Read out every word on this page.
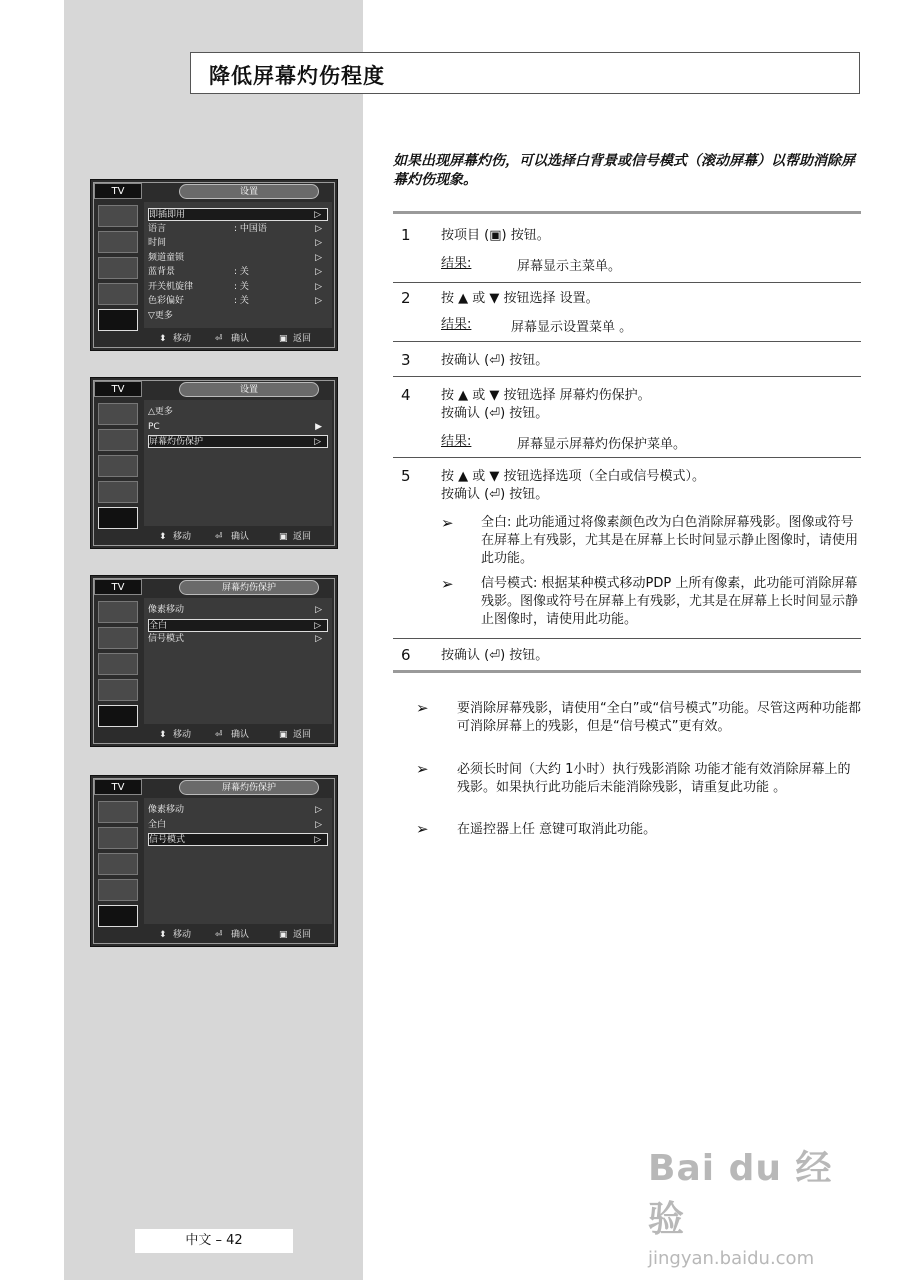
降低屏幕灼伤程度
如果出现屏幕灼伤，可以选择白背景或信号模式（滚动屏幕）以帮助消除屏幕灼伤现象。
TV	设置
即插即用	▷
语言	: 中国语	▷
时间	▷
频道童锁	▷
蓝背景	: 关	▷
开关机旋律	: 关	▷
色彩偏好	: 关	▷
▽更多
⬍ 移动	⏎ 确认	▣ 返回
TV	设置
△更多
PC	▶
屏幕灼伤保护	▷
⬍ 移动	⏎ 确认	▣ 返回
TV	屏幕灼伤保护
像素移动	▷
全白	▷
信号模式	▷
⬍ 移动	⏎ 确认	▣ 返回
TV	屏幕灼伤保护
像素移动	▷
全白	▷
信号模式	▷
⬍ 移动	⏎ 确认	▣ 返回
1 按项目 (▣) 按钮。
结果:	屏幕显示主菜单。
2 按 ▲ 或 ▼ 按钮选择 设置。
结果:	屏幕显示设置菜单 。
3 按确认 (⏎) 按钮。
4 按 ▲ 或 ▼ 按钮选择 屏幕灼伤保护。
按确认 (⏎) 按钮。
结果:	屏幕显示屏幕灼伤保护菜单。
5 按 ▲ 或 ▼ 按钮选择选项（全白或信号模式）。
按确认 (⏎) 按钮。
➢ 全白: 此功能通过将像素颜色改为白色消除屏幕残影。图像或符号在屏幕上有残影，尤其是在屏幕上长时间显示静止图像时，请使用此功能。
➢ 信号模式: 根据某种模式移动PDP 上所有像素，此功能可消除屏幕残影。图像或符号在屏幕上有残影，尤其是在屏幕上长时间显示静止图像时，请使用此功能。
6 按确认 (⏎) 按钮。
➢ 要消除屏幕残影，请使用“全白”或“信号模式”功能。尽管这两种功能都可消除屏幕上的残影，但是“信号模式”更有效。
➢ 必须长时间（大约 1小时）执行残影消除 功能才能有效消除屏幕上的残影。如果执行此功能后未能消除残影，请重复此功能 。
➢ 在遥控器上任 意键可取消此功能。
中文 – 42
Bai du 经验
jingyan.baidu.com
